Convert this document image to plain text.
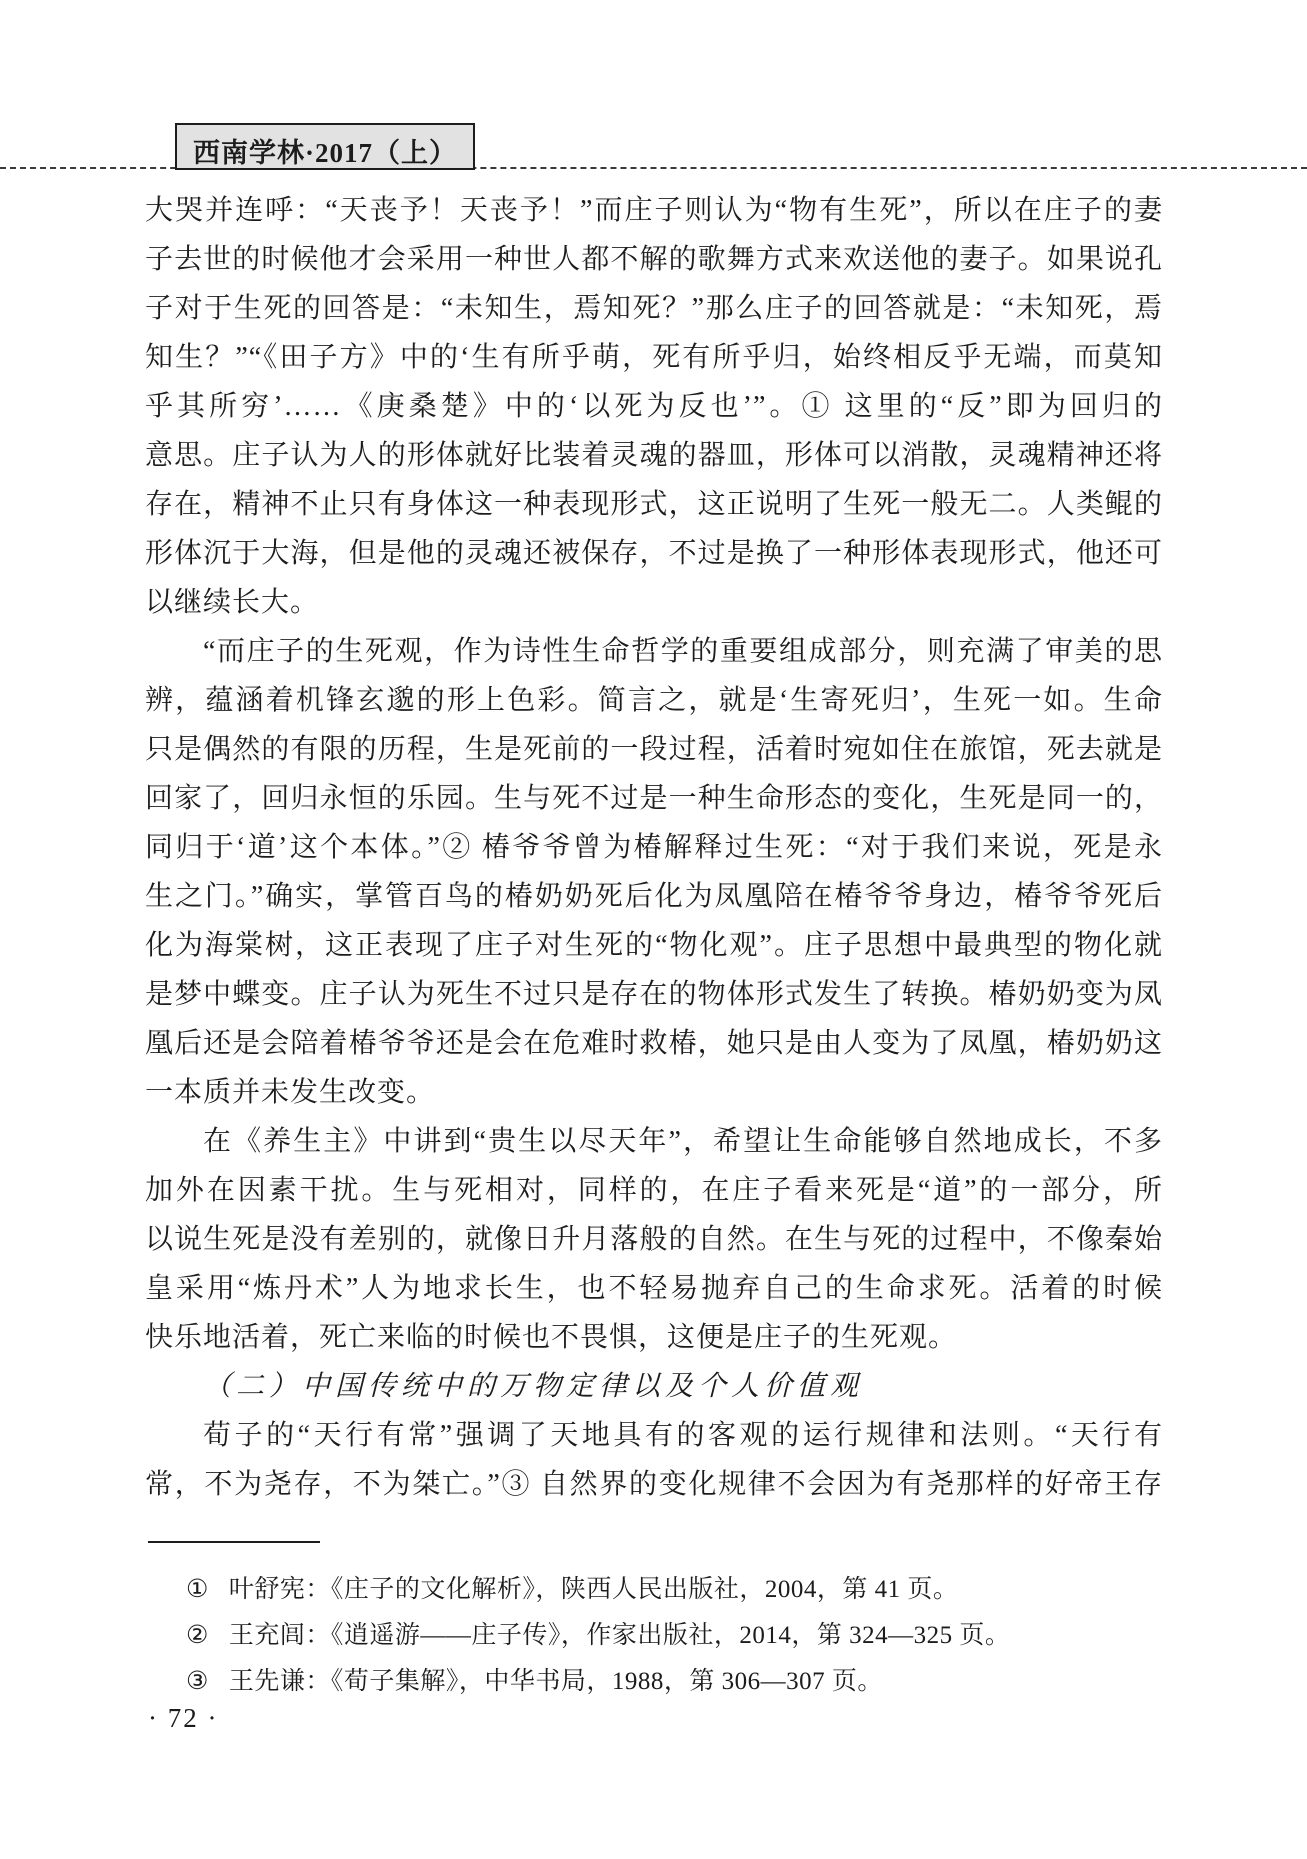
西南学林·2017（上）
大哭并连呼：“天丧予！天丧予！”而庄子则认为“物有生死”，所以在庄子的妻
子去世的时候他才会采用一种世人都不解的歌舞方式来欢送他的妻子。如果说孔
子对于生死的回答是：“未知生，焉知死？”那么庄子的回答就是：“未知死，焉
知生？”“《田子方》中的‘生有所乎萌，死有所乎归，始终相反乎无端，而莫知
乎其所穷’……《庚桑楚》中的‘以死为反也’”。① 这里的“反”即为回归的
意思。庄子认为人的形体就好比装着灵魂的器皿，形体可以消散，灵魂精神还将
存在，精神不止只有身体这一种表现形式，这正说明了生死一般无二。人类鲲的
形体沉于大海，但是他的灵魂还被保存，不过是换了一种形体表现形式，他还可
以继续长大。
“而庄子的生死观，作为诗性生命哲学的重要组成部分，则充满了审美的思
辨，蕴涵着机锋玄邈的形上色彩。简言之，就是‘生寄死归’，生死一如。生命
只是偶然的有限的历程，生是死前的一段过程，活着时宛如住在旅馆，死去就是
回家了，回归永恒的乐园。生与死不过是一种生命形态的变化，生死是同一的，
同归于‘道’这个本体。”② 椿爷爷曾为椿解释过生死：“对于我们来说，死是永
生之门。”确实，掌管百鸟的椿奶奶死后化为凤凰陪在椿爷爷身边，椿爷爷死后
化为海棠树，这正表现了庄子对生死的“物化观”。庄子思想中最典型的物化就
是梦中蝶变。庄子认为死生不过只是存在的物体形式发生了转换。椿奶奶变为凤
凰后还是会陪着椿爷爷还是会在危难时救椿，她只是由人变为了凤凰，椿奶奶这
一本质并未发生改变。
在《养生主》中讲到“贵生以尽天年”，希望让生命能够自然地成长，不多
加外在因素干扰。生与死相对，同样的，在庄子看来死是“道”的一部分，所
以说生死是没有差别的，就像日升月落般的自然。在生与死的过程中，不像秦始
皇采用“炼丹术”人为地求长生，也不轻易抛弃自己的生命求死。活着的时候
快乐地活着，死亡来临的时候也不畏惧，这便是庄子的生死观。
（二）中国传统中的万物定律以及个人价值观
荀子的“天行有常”强调了天地具有的客观的运行规律和法则。“天行有
常，不为尧存，不为桀亡。”③ 自然界的变化规律不会因为有尧那样的好帝王存
① 叶舒宪：《庄子的文化解析》，陕西人民出版社，2004，第 41 页。
② 王充闾：《逍遥游——庄子传》，作家出版社，2014，第 324—325 页。
③ 王先谦：《荀子集解》，中华书局，1988，第 306—307 页。
· 72 ·
